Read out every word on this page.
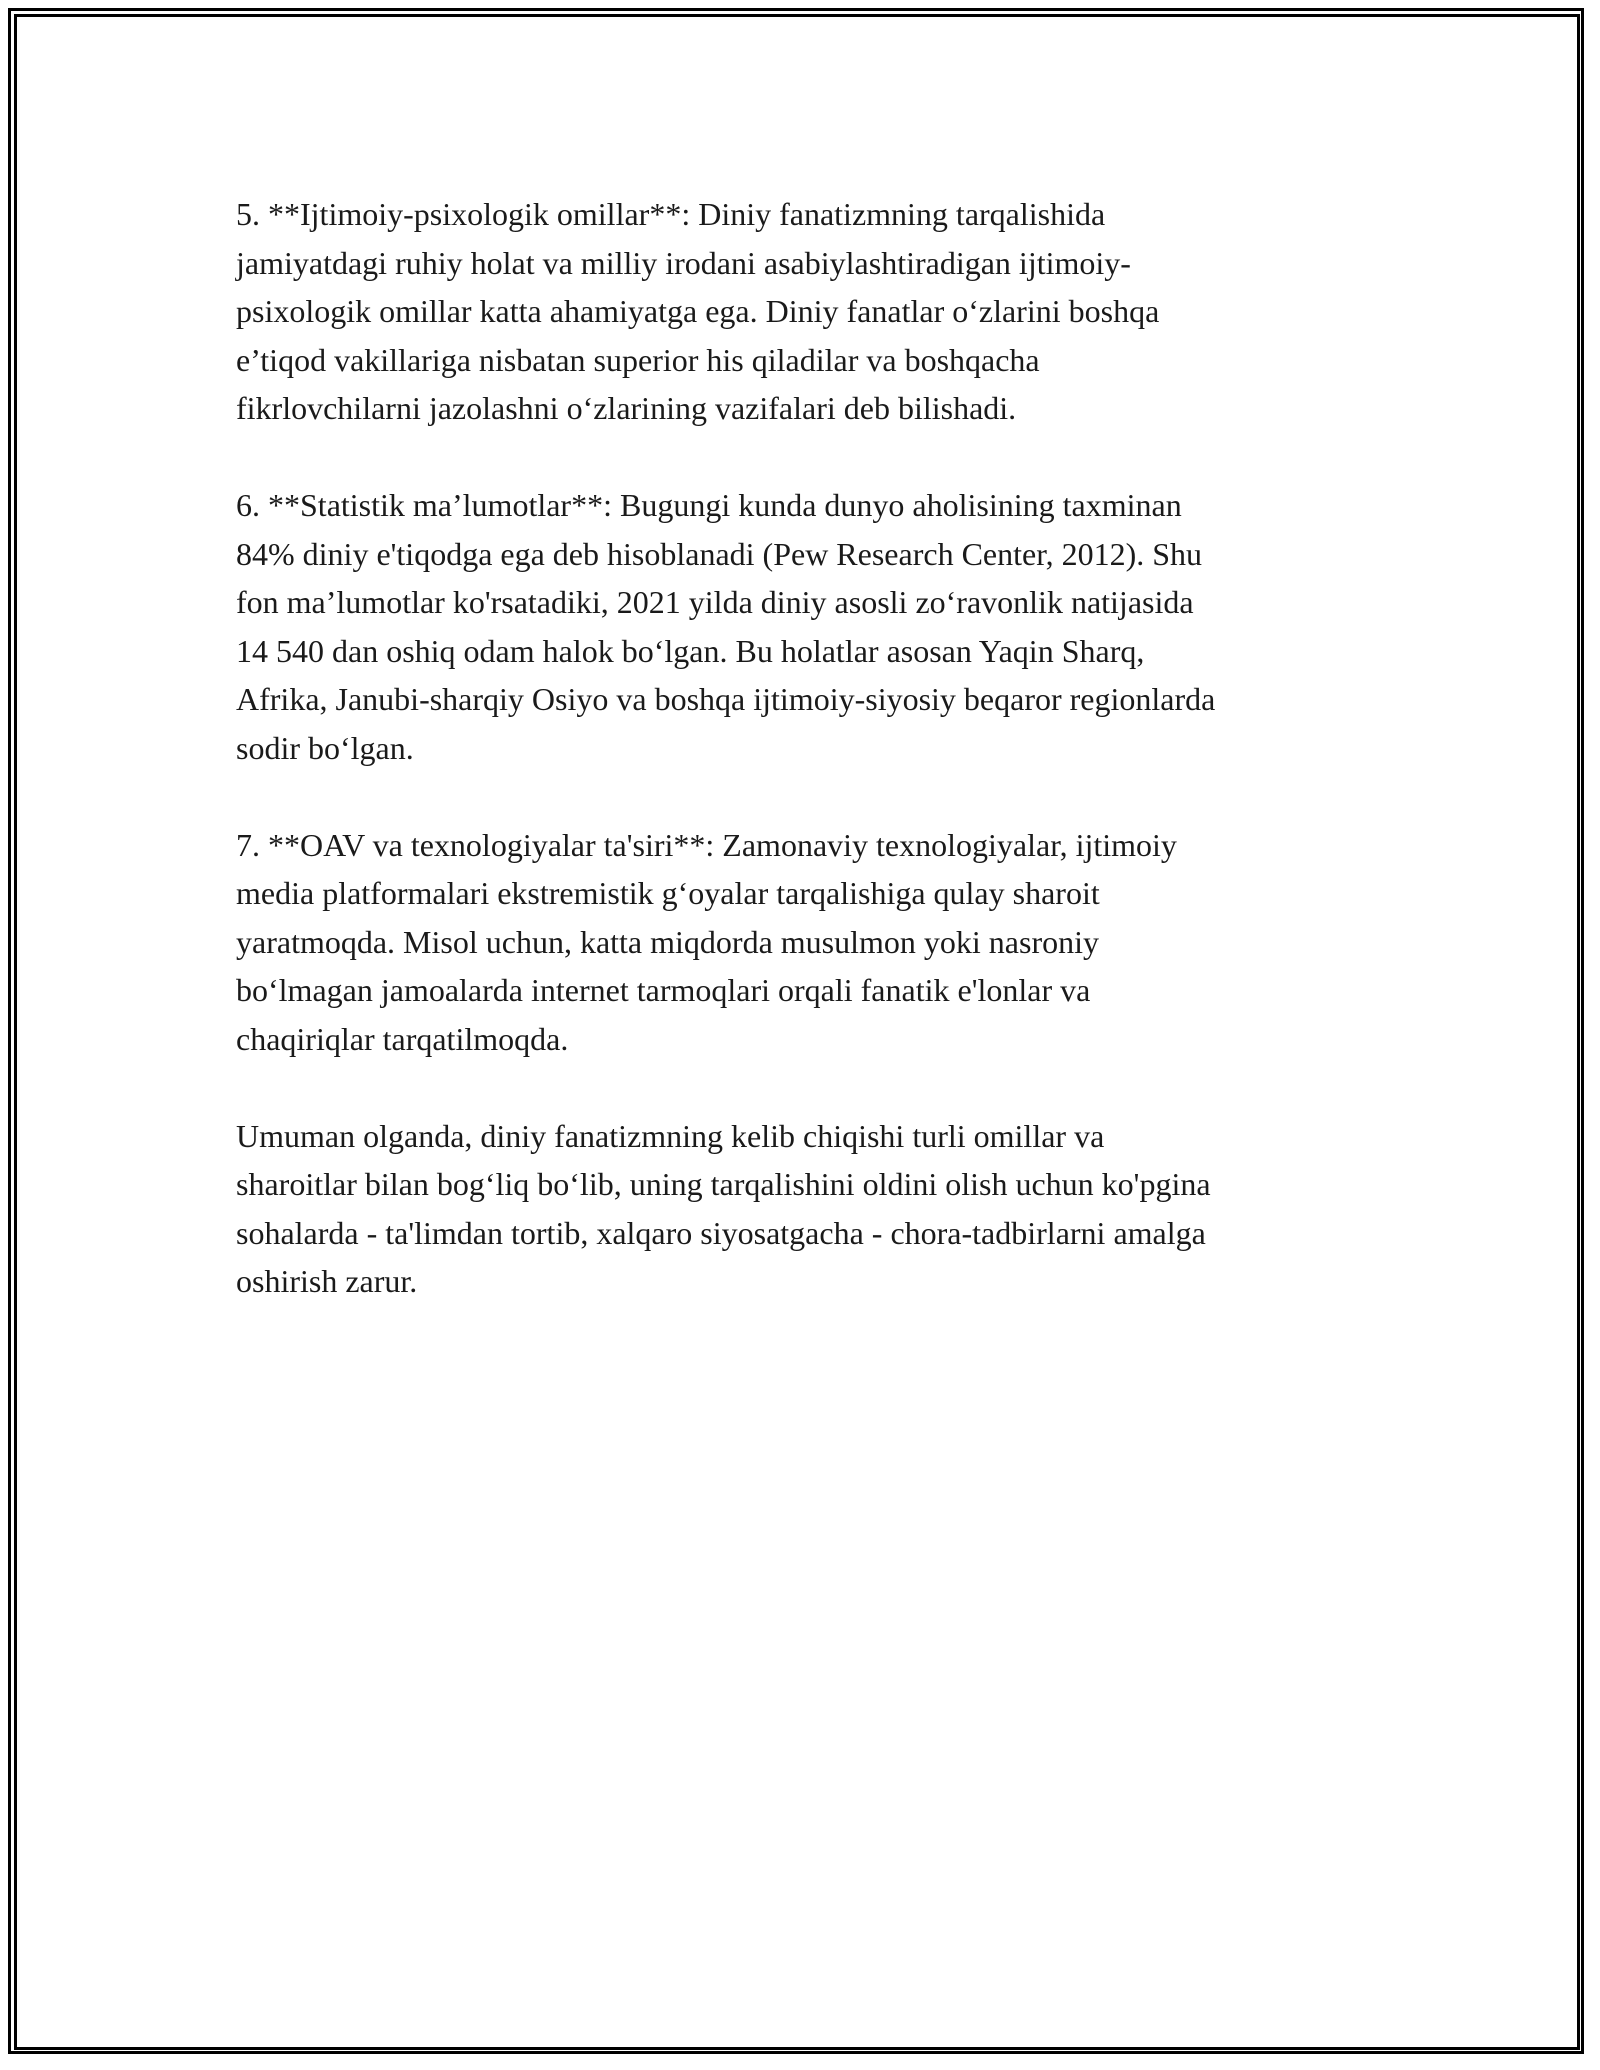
5. **Ijtimoiy-psixologik omillar**: Diniy fanatizmning tarqalishida
jamiyatdagi ruhiy holat va milliy irodani asabiylashtiradigan ijtimoiy-
psixologik omillar katta ahamiyatga ega. Diniy fanatlar o‘zlarini boshqa
e’tiqod vakillariga nisbatan superior his qiladilar va boshqacha
fikrlovchilarni jazolashni o‘zlarining vazifalari deb bilishadi.

6. **Statistik ma’lumotlar**: Bugungi kunda dunyo aholisining taxminan
84% diniy e'tiqodga ega deb hisoblanadi (Pew Research Center, 2012). Shu
fon ma’lumotlar ko'rsatadiki, 2021 yilda diniy asosli zo‘ravonlik natijasida
14 540 dan oshiq odam halok bo‘lgan. Bu holatlar asosan Yaqin Sharq,
Afrika, Janubi-sharqiy Osiyo va boshqa ijtimoiy-siyosiy beqaror regionlarda
sodir bo‘lgan.

7. **OAV va texnologiyalar ta'siri**: Zamonaviy texnologiyalar, ijtimoiy
media platformalari ekstremistik g‘oyalar tarqalishiga qulay sharoit
yaratmoqda. Misol uchun, katta miqdorda musulmon yoki nasroniy
bo‘lmagan jamoalarda internet tarmoqlari orqali fanatik e'lonlar va
chaqiriqlar tarqatilmoqda.

Umuman olganda, diniy fanatizmning kelib chiqishi turli omillar va
sharoitlar bilan bog‘liq bo‘lib, uning tarqalishini oldini olish uchun ko'pgina
sohalarda - ta'limdan tortib, xalqaro siyosatgacha - chora-tadbirlarni amalga
oshirish zarur.
